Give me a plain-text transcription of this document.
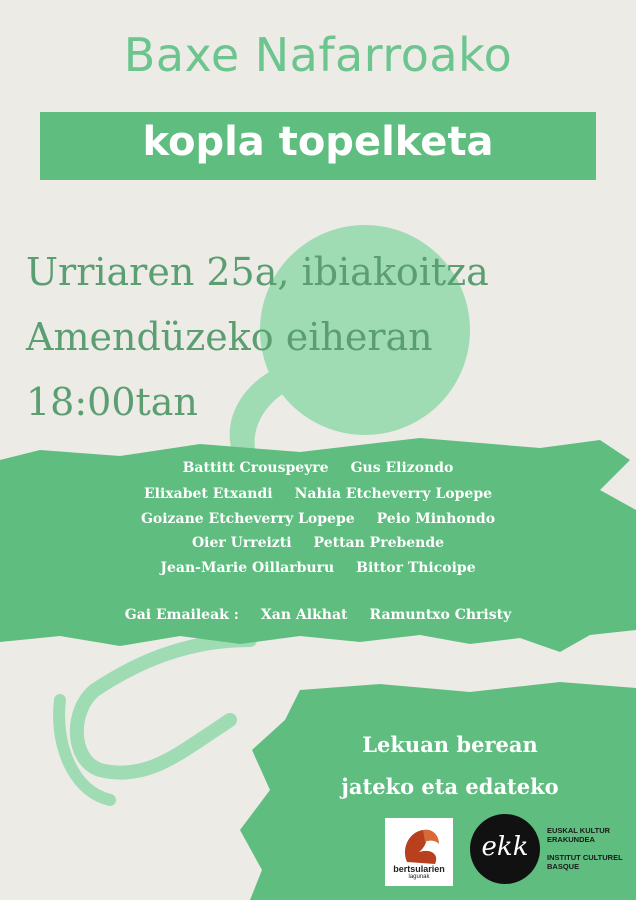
Baxe Nafarroako
kopla topelketa
Urriaren 25a, ibiakoitza
Amendüzeko eiheran
18:00tan
Battitt Crouspeyre Gus Elizondo
Elixabet Etxandi Nahia Etcheverry Lopepe
Goizane Etcheverry Lopepe Peio Minhondo
Oier Urreizti Pettan Prebende
Jean-Marie Oillarburu Bittor Thicoipe
Gai Emaileak : Xan Alkhat Ramuntxo Christy
Lekuan berean
jateko eta edateko
bertsularien
lagunak
ekk
EUSKAL KULTUR
ERAKUNDEA
INSTITUT CULTUREL
BASQUE
